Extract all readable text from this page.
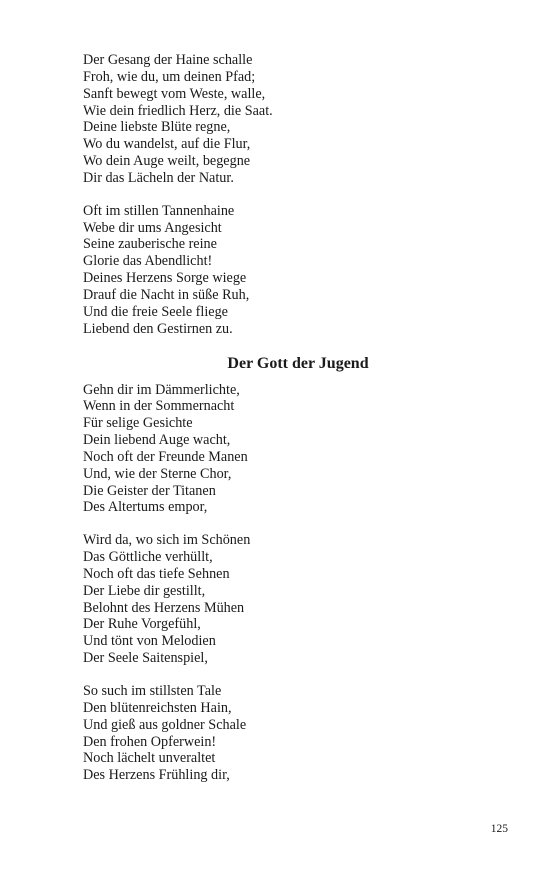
Der Gesang der Haine schalle
Froh, wie du, um deinen Pfad;
Sanft bewegt vom Weste, walle,
Wie dein friedlich Herz, die Saat.
Deine liebste Blüte regne,
Wo du wandelst, auf die Flur,
Wo dein Auge weilt, begegne
Dir das Lächeln der Natur.
Oft im stillen Tannenhaine
Webe dir ums Angesicht
Seine zauberische reine
Glorie das Abendlicht!
Deines Herzens Sorge wiege
Drauf die Nacht in süße Ruh,
Und die freie Seele fliege
Liebend den Gestirnen zu.
Der Gott der Jugend
Gehn dir im Dämmerlichte,
Wenn in der Sommernacht
Für selige Gesichte
Dein liebend Auge wacht,
Noch oft der Freunde Manen
Und, wie der Sterne Chor,
Die Geister der Titanen
Des Altertums empor,
Wird da, wo sich im Schönen
Das Göttliche verhüllt,
Noch oft das tiefe Sehnen
Der Liebe dir gestillt,
Belohnt des Herzens Mühen
Der Ruhe Vorgefühl,
Und tönt von Melodien
Der Seele Saitenspiel,
So such im stillsten Tale
Den blütenreichsten Hain,
Und gieß aus goldner Schale
Den frohen Opferwein!
Noch lächelt unveraltet
Des Herzens Frühling dir,
125
